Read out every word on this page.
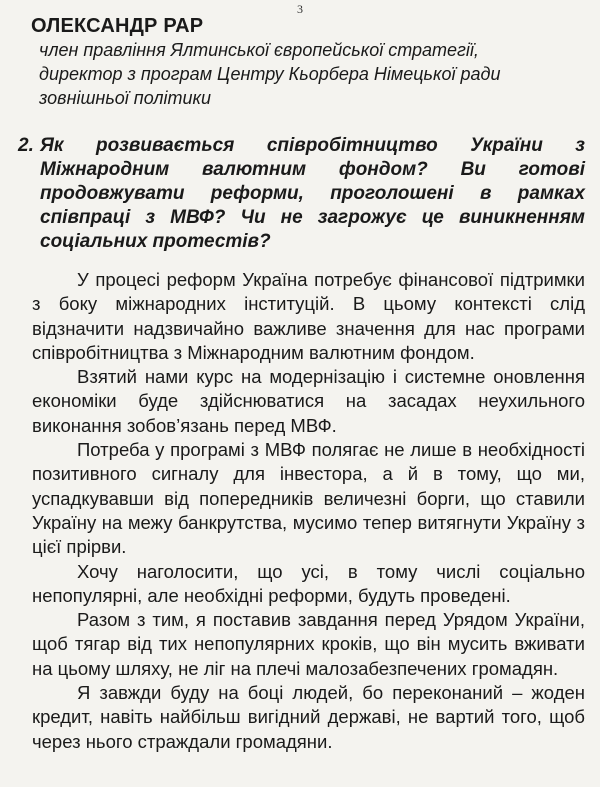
3
ОЛЕКСАНДР РАР
член правління Ялтинської європейської стратегії,
директор з програм Центру Кьорбера Німецької ради
зовнішньої політики
2. Як розвивається співробітництво України з Міжнародним валютним фондом? Ви готові продовжувати реформи, проголошені в рамках співпраці з МВФ? Чи не загрожує це виникненням соціальних протестів?

У процесі реформ Україна потребує фінансової підтримки з боку міжнародних інституцій. В цьому контексті слід відзначити надзвичайно важливе значення для нас програми співробітництва з Міжнародним валютним фондом.

Взятий нами курс на модернізацію і системне оновлення економіки буде здійснюватися на засадах неухильного виконання зобов’язань перед МВФ.

Потреба у програмі з МВФ полягає не лише в необхідності позитивного сигналу для інвестора, а й в тому, що ми, успадкувавши від попередників величезні борги, що ставили Україну на межу банкрутства, мусимо тепер витягнути Україну з цієї прірви.

Хочу наголосити, що усі, в тому числі соціально непопулярні, але необхідні реформи, будуть проведені.

Разом з тим, я поставив завдання перед Урядом України, щоб тягар від тих непопулярних кроків, що він мусить вживати на цьому шляху, не ліг на плечі малозабезпечених громадян.

Я завжди буду на боці людей, бо переконаний – жоден кредит, навіть найбільш вигідний державі, не вартий того, щоб через нього страждали громадяни.
